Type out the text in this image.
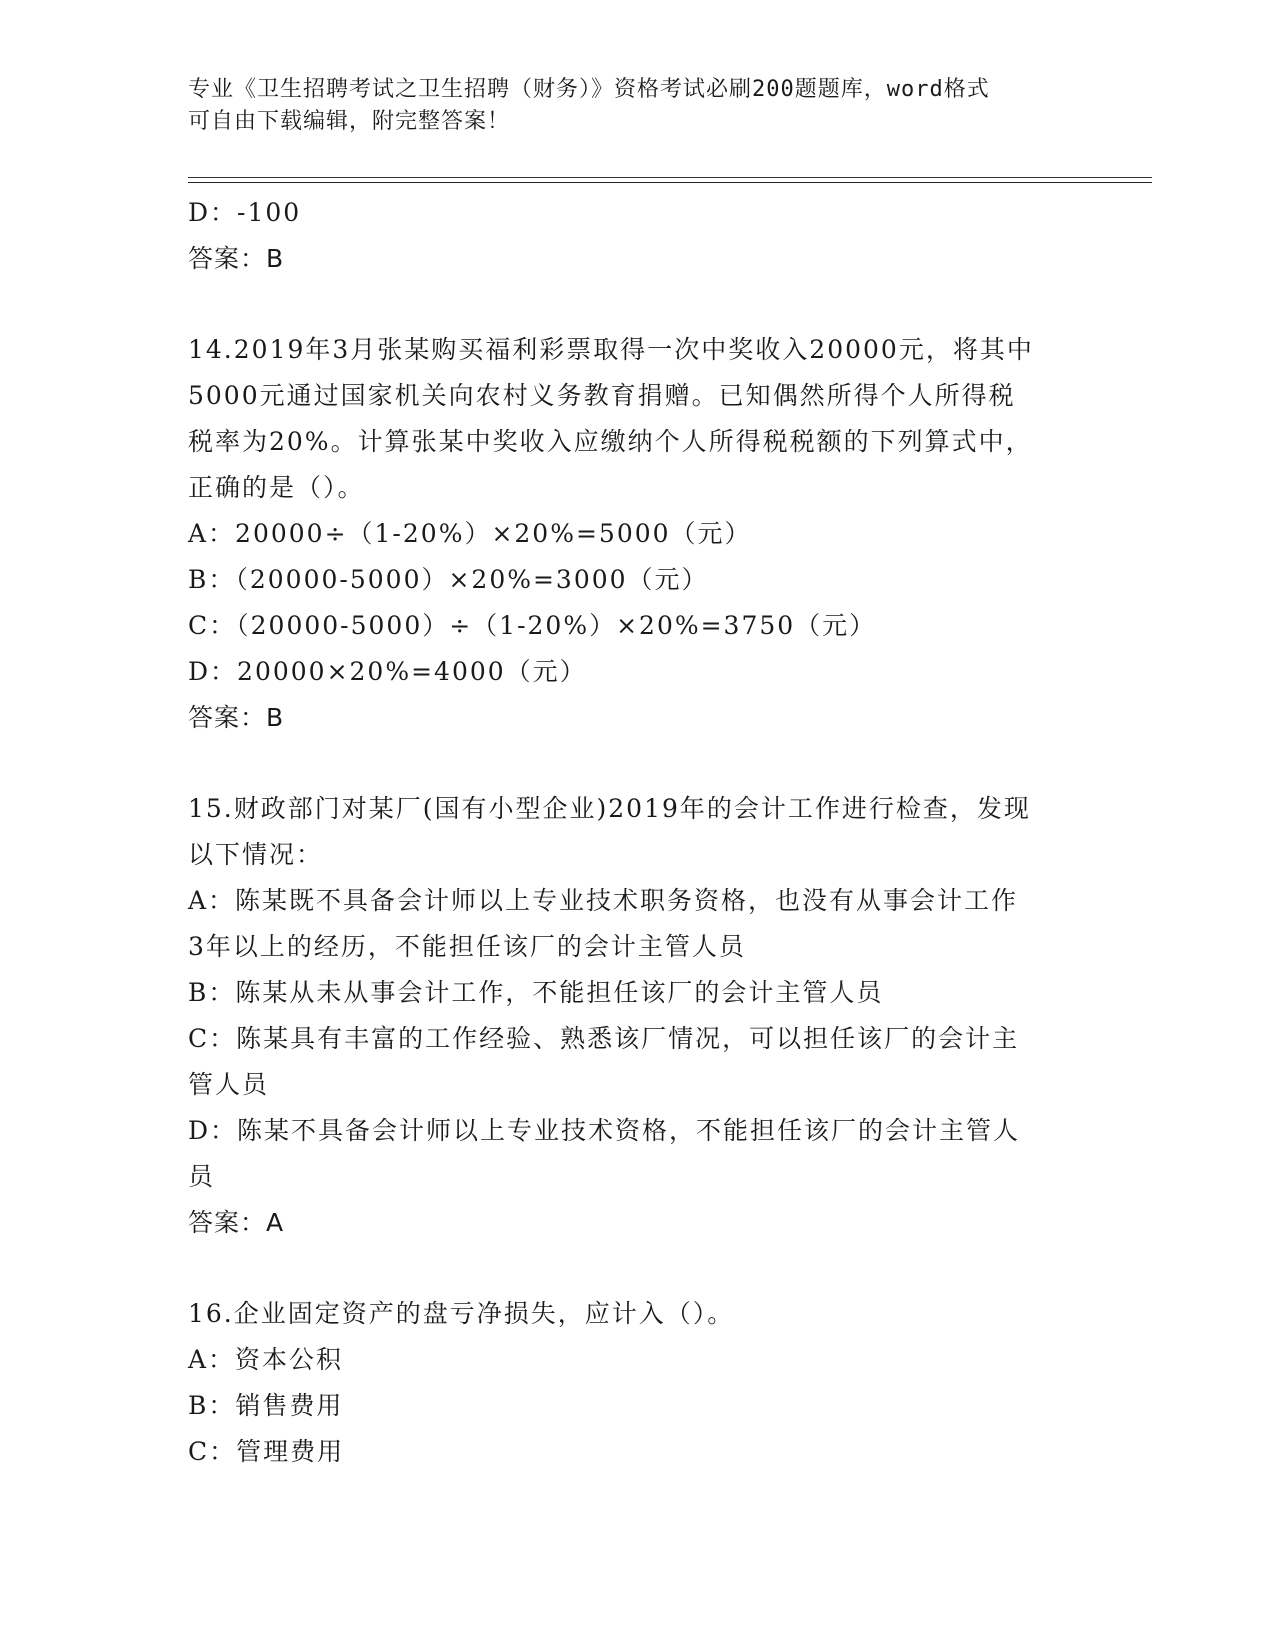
专业《卫生招聘考试之卫生招聘（财务）》资格考试必刷200题题库，word格式
可自由下载编辑，附完整答案！

D：-100

答案：B

14.2019年3月张某购买福利彩票取得一次中奖收入20000元，将其中

5000元通过国家机关向农村义务教育捐赠。已知偶然所得个人所得税

税率为20%。计算张某中奖收入应缴纳个人所得税税额的下列算式中，

正确的是（）。

A：20000÷（1-20%）×20%=5000（元）

B：（20000-5000）×20%=3000（元）

C：（20000-5000）÷（1-20%）×20%=3750（元）

D：20000×20%=4000（元）

答案：B

15.财政部门对某厂(国有小型企业)2019年的会计工作进行检查，发现

以下情况：

A：陈某既不具备会计师以上专业技术职务资格，也没有从事会计工作

3年以上的经历，不能担任该厂的会计主管人员

B：陈某从未从事会计工作，不能担任该厂的会计主管人员

C：陈某具有丰富的工作经验、熟悉该厂情况，可以担任该厂的会计主

管人员

D：陈某不具备会计师以上专业技术资格，不能担任该厂的会计主管人

员

答案：A

16.企业固定资产的盘亏净损失，应计入（）。

A：资本公积

B：销售费用

C：管理费用
